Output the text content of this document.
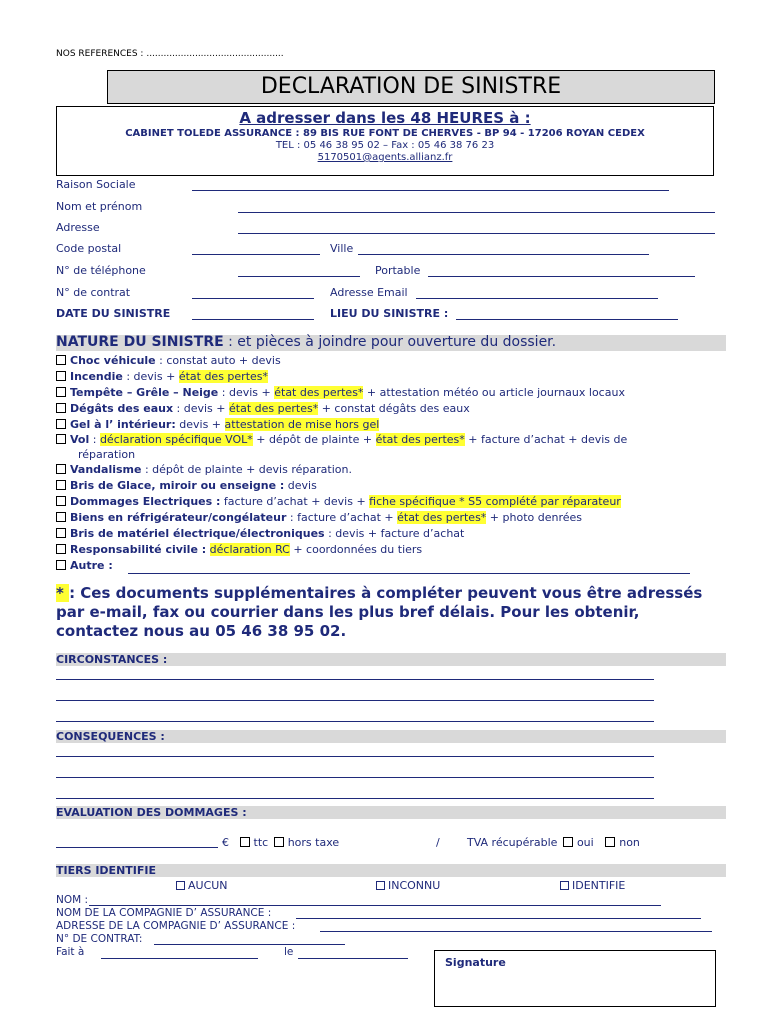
NOS REFERENCES : ................................................
DECLARATION DE SINISTRE
A adresser dans les 48 HEURES à :
CABINET TOLEDE ASSURANCE : 89 BIS RUE FONT DE CHERVES - BP 94 - 17206 ROYAN CEDEX
TEL : 05 46 38 95 02 – Fax : 05 46 38 76 23
5170501@agents.allianz.fr
Raison Sociale
Nom et prénom
Adresse
Code postal	Ville
N° de téléphone	Portable
N° de contrat	Adresse Email
DATE DU SINISTRE	LIEU DU SINISTRE :
NATURE DU SINISTRE : et pièces à joindre pour ouverture du dossier.
Choc véhicule : constat auto + devis
Incendie : devis + état des pertes*
Tempête – Grêle – Neige : devis + état des pertes* + attestation météo ou article journaux locaux
Dégâts des eaux : devis + état des pertes* + constat dégâts des eaux
Gel à l’ intérieur: devis + attestation de mise hors gel
Vol : déclaration spécifique VOL* + dépôt de plainte + état des pertes* + facture d’achat + devis de
Vandalisme : dépôt de plainte + devis réparation.
Bris de Glace, miroir ou enseigne : devis
Dommages Electriques : facture d’achat + devis + fiche spécifique * S5 complété par réparateur
Biens en réfrigérateur/congélateur : facture d’achat + état des pertes* + photo denrées
Bris de matériel électrique/électroniques : devis + facture d’achat
Responsabilité civile : déclaration RC + coordonnées du tiers
Autre :
réparation
* : Ces documents supplémentaires à compléter peuvent vous être adressés par e-mail, fax ou courrier dans les plus bref délais. Pour les obtenir, contactez nous au 05 46 38 95 02.
CIRCONSTANCES :
CONSEQUENCES :
EVALUATION DES DOMMAGES :
€ ttc hors taxe	/ TVA récupérable oui non
TIERS IDENTIFIE
AUCUN	INCONNU	IDENTIFIE
NOM :
NOM DE LA COMPAGNIE D’ ASSURANCE :
ADRESSE DE LA COMPAGNIE D’ ASSURANCE :
N° DE CONTRAT:
Fait à	le
Signature
